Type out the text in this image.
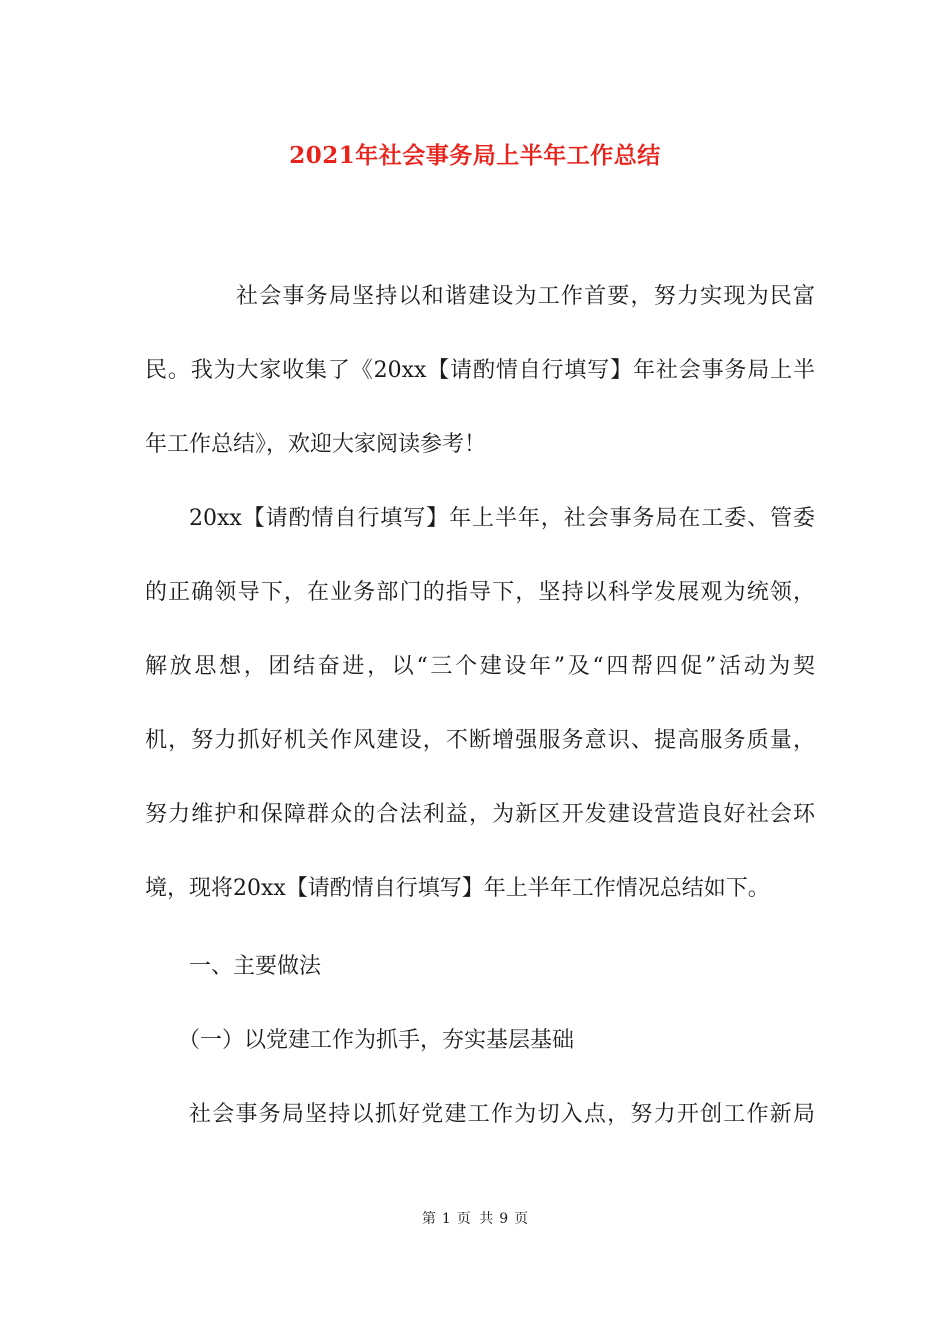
2021年社会事务局上半年工作总结
社会事务局坚持以和谐建设为工作首要，努力实现为民富
民。我为大家收集了《20xx【请酌情自行填写】年社会事务局上半
年工作总结》，欢迎大家阅读参考！
20xx【请酌情自行填写】年上半年，社会事务局在工委、管委
的正确领导下，在业务部门的指导下，坚持以科学发展观为统领，
解放思想，团结奋进，以“三个建设年”及“四帮四促”活动为契
机，努力抓好机关作风建设，不断增强服务意识、提高服务质量，
努力维护和保障群众的合法利益，为新区开发建设营造良好社会环
境，现将20xx【请酌情自行填写】年上半年工作情况总结如下。
一、主要做法
（一）以党建工作为抓手，夯实基层基础
社会事务局坚持以抓好党建工作为切入点，努力开创工作新局
第 1 页 共 9 页
